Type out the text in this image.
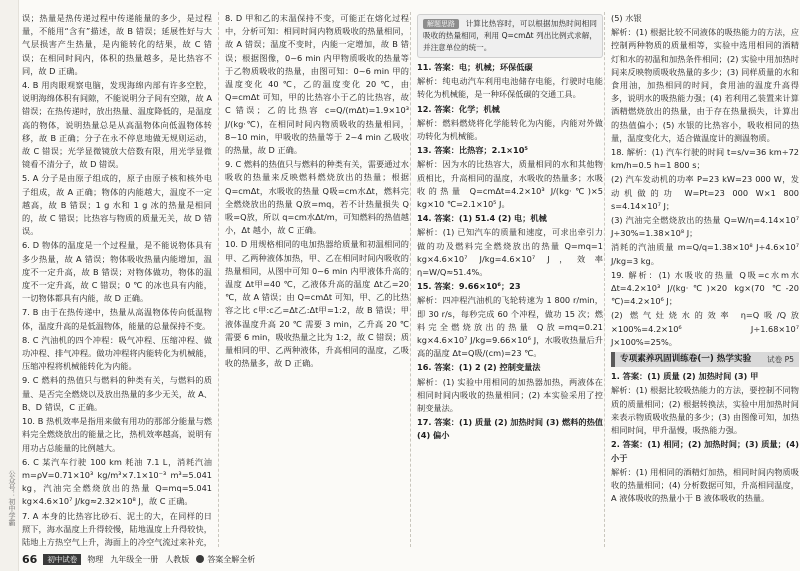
公众号：初中学霸

误；热量是热传递过程中传递能量的多少，是过程量，不能用“含有”描述，故 B 错误；延展性好与大气层损害产生热量，是内能转化的结果，故 C 错误；在相同时间内，体积的热量越多，是比热容不同，故 D 正确。

4. B 用肉眼观察电脑，发现海绵内部有许多空腔，说明海绵体积有间隙，不能说明分子间有空隙，故 A 错误；在热传递时，放出热量、温度降低的，是温度高的物体，说明热量总是从高温物体向低温物体转移，故 B 正确；分子在永不停息地做无规则运动，故 C 错误；光学显微镜放大倍数有限，用光学显微镜看不清分子，故 D 错误。

5. A 分子是由原子组成的，原子由原子核和核外电子组成，故 A 正确；物体的内能越大，温度不一定越高，故 B 错误；1 g 水和 1 g 冰的热量是相同的，故 C 错误；比热容与物质的质量无关，故 D 错误。

6. D 物体的温度是一个过程量，是不能说物体具有多少热量，故 A 错误；物体吸收热量内能增加，温度不一定升高，故 B 错误；对物体做功，物体的温度不一定升高，故 C 错误；0 ℃ 的冰也具有内能，一切物体都具有内能，故 D 正确。

7. B 由于在热传递中，热量从高温物体传向低温物体，温度升高的是低温物体，能量的总量保持不变。

8. C 汽油机的四个冲程：吸气冲程、压缩冲程、做功冲程、排气冲程。做功冲程将内能转化为机械能，压缩冲程将机械能转化为内能。

9. C 燃料的热值只与燃料的种类有关，与燃料的质量、是否完全燃烧以及放出热量的多少无关，故 A、B、D 错误，C 正确。

10. B 热机效率是指用来做有用功的那部分能量与燃料完全燃烧放出的能量之比，热机效率越高，说明有用功占总能量的比例越大。

6. C 某汽车行驶 100 km 耗油 7.1 L，消耗汽油 m=ρV=0.71×10³ kg/m³×7.1×10⁻³ m³=5.041 kg，汽油完全燃烧放出的热量 Q=mq=5.041 kg×4.6×10⁷ J/kg≈2.32×10⁸ J，故 C 正确。

7. A 本身的比热容比砂石、泥土的大，在同样的日照下，海水温度上升得较慢，陆地温度上升得较快，陆地上方热空气上升，海面上的冷空气流过来补充，

8. D 甲和乙的末温保持不变，可能正在熔化过程中，分析可知：相同时间内物质吸收的热量相同，故 A 错误；温度不变时，内能一定增加，故 B 错误；根据图像，0~6 min 内甲物质吸收的热量等于乙物质吸收的热量，由图可知：0~6 min 甲的温度变化 40 ℃，乙的温度变化 20 ℃，由 Q=cmΔt 可知，甲的比热容小于乙的比热容，故 C 错误；乙的比热容 c=Q/(mΔt)=1.9×10³ J/(kg·℃)，在相同时间内物质吸收的热量相同，8~10 min，甲吸收的热量等于 2~4 min 乙吸收的热量，故 D 正确。

9. C 燃料的热值只与燃料的种类有关，需要通过水吸收的热量来反映燃料燃烧放出的热量；根据 Q=cmΔt，水吸收的热量 Q吸=cm水Δt，燃料完全燃烧放出的热量 Q放=mq，若不计热量损失 Q吸=Q放，所以 q=cm水Δt/m，可知燃料的热值越小，Δt 越小，故 C 正确。

10. D 用规格相同的电加热器给质量和初温相同的甲、乙两种液体加热，甲、乙在相同时间内吸收的热量相同，从图中可知 0~6 min 内甲液体升高的温度 Δt甲=40 ℃，乙液体升高的温度 Δt乙=20 ℃，故 A 错误；由 Q=cmΔt 可知，甲、乙的比热容之比 c甲:c乙=Δt乙:Δt甲=1:2，故 B 错误；甲液体温度升高 20 ℃ 需要 3 min，乙升高 20 ℃ 需要 6 min，吸收热量之比为 1:2，故 C 错误；质量相同的甲、乙两种液体，升高相同的温度，乙吸收的热量多，故 D 正确。

解题思路 计算比热容时，可以根据加热时间相同吸收的热量相同，利用 Q=cmΔt 列出比例式求解，并注意单位的统一。

11. 答案：电；机械；环保低碳

解析：纯电动汽车利用电池储存电能，行驶时电能转化为机械能，是一种环保低碳的交通工具。

12. 答案：化学；机械

解析：燃料燃烧将化学能转化为内能，内能对外做功转化为机械能。

13. 答案：比热容；2.1×10⁵

解析：因为水的比热容大，质量相同的水和其他物质相比，升高相同的温度，水吸收的热量多；水吸收的热量 Q=cmΔt=4.2×10³ J/(kg·℃)×5 kg×10 ℃=2.1×10⁵ J。

14. 答案：(1) 51.4 (2) 电；机械

解析：(1) 已知汽车的质量和速度，可求出牵引力做的功及燃料完全燃烧放出的热量 Q=mq=1 kg×4.6×10⁷ J/kg=4.6×10⁷ J，效率 η=W/Q≈51.4%。

15. 答案：9.66×10⁶；23

解析：四冲程汽油机的飞轮转速为 1 800 r/min，即 30 r/s，每秒完成 60 个冲程，做功 15 次；燃料完全燃烧放出的热量 Q放=mq=0.21 kg×4.6×10⁷ J/kg=9.66×10⁶ J，水吸收热量后升高的温度 Δt=Q吸/(cm)=23 ℃。

16. 答案：(1) 2 (2) 控制变量法

解析：(1) 实验中用相同的加热器加热，两液体在相同时间内吸收的热量相同；(2) 本实验采用了控制变量法。

17. 答案：(1) 质量 (2) 加热时间 (3) 燃料的热值 (4) 偏小

(5) 水银

解析：(1) 根据比较不同液体的吸热能力的方法，应控制两种物质的质量相等，实验中选用相同的酒精灯和水的初温和加热条件相同；(2) 实验中用加热时间来反映物质吸收热量的多少；(3) 同样质量的水和食用油，加热相同的时间，食用油的温度升高得多，说明水的吸热能力强；(4) 若利用乙装置来计算酒精燃烧放出的热量，由于存在热量损失，计算出的热值偏小；(5) 水银的比热容小，吸收相同的热量，温度变化大，适合做温度计的测温物质。

18. 解析：(1) 汽车行驶的时间 t=s/v=36 km÷72 km/h=0.5 h=1 800 s；

(2) 汽车发动机的功率 P=23 kW=23 000 W，发动机做的功 W=Pt=23 000 W×1 800 s=4.14×10⁷ J；

(3) 汽油完全燃烧放出的热量 Q=W/η=4.14×10⁷ J÷30%=1.38×10⁸ J；

消耗的汽油质量 m=Q/q=1.38×10⁸ J÷4.6×10⁷ J/kg=3 kg。

19. 解析：(1) 水吸收的热量 Q吸=c水m水Δt=4.2×10³ J/(kg·℃)×20 kg×(70 ℃-20 ℃)=4.2×10⁶ J；

(2) 燃气灶烧水的效率 η=Q吸/Q放×100%=4.2×10⁶ J÷1.68×10⁷ J×100%=25%。

专项素养巩固训练卷(一) 热学实验 试卷 P5

1. 答案：(1) 质量 (2) 加热时间 (3) 甲

解析：(1) 根据比较吸热能力的方法，要控制不同物质的质量相同；(2) 根据转换法，实验中用加热时间来表示物质吸收热量的多少；(3) 由图像可知，加热相同时间，甲升温慢，吸热能力强。

2. 答案：(1) 相同；(2) 加热时间；(3) 质量；(4) 小于

解析：(1) 用相同的酒精灯加热，相同时间内物质吸收的热量相同；(4) 分析数据可知，升高相同温度，A 液体吸收的热量小于 B 液体吸收的热量。

66	初中试卷	物理 九年级全一册 人教版 答案全解全析
